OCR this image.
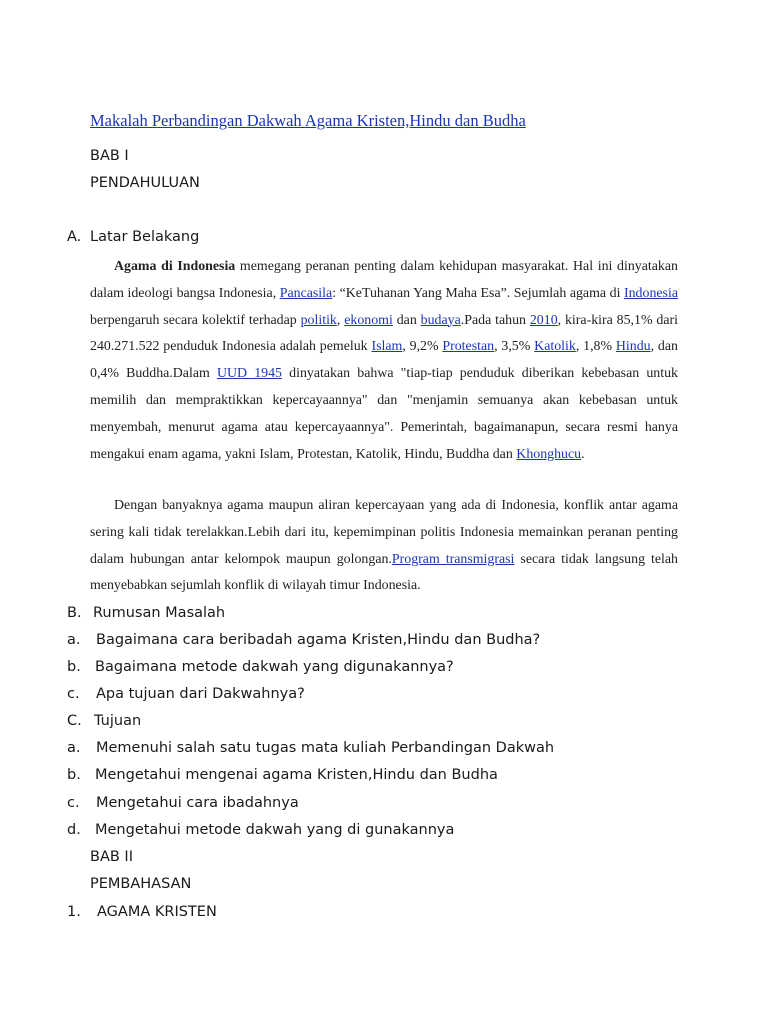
Makalah Perbandingan Dakwah Agama Kristen,Hindu dan Budha
BAB I
PENDAHULUAN
A. Latar Belakang
Agama di Indonesia memegang peranan penting dalam kehidupan masyarakat. Hal ini dinyatakan dalam ideologi bangsa Indonesia, Pancasila: “KeTuhanan Yang Maha Esa”. Sejumlah agama di Indonesia berpengaruh secara kolektif terhadap politik, ekonomi dan budaya.Pada tahun 2010, kira-kira 85,1% dari 240.271.522 penduduk Indonesia adalah pemeluk Islam, 9,2% Protestan, 3,5% Katolik, 1,8% Hindu, dan 0,4% Buddha.Dalam UUD 1945 dinyatakan bahwa "tiap-tiap penduduk diberikan kebebasan untuk memilih dan mempraktikkan kepercayaannya" dan "menjamin semuanya akan kebebasan untuk menyembah, menurut agama atau kepercayaannya". Pemerintah, bagaimanapun, secara resmi hanya mengakui enam agama, yakni Islam, Protestan, Katolik, Hindu, Buddha dan Khonghucu.
Dengan banyaknya agama maupun aliran kepercayaan yang ada di Indonesia, konflik antar agama sering kali tidak terelakkan.Lebih dari itu, kepemimpinan politis Indonesia memainkan peranan penting dalam hubungan antar kelompok maupun golongan.Program transmigrasi secara tidak langsung telah menyebabkan sejumlah konflik di wilayah timur Indonesia.
B. Rumusan Masalah
a. Bagaimana cara beribadah agama Kristen,Hindu dan Budha?
b. Bagaimana metode dakwah yang digunakannya?
c. Apa tujuan dari Dakwahnya?
C. Tujuan
a. Memenuhi salah satu tugas mata kuliah Perbandingan Dakwah
b. Mengetahui mengenai agama Kristen,Hindu dan Budha
c. Mengetahui cara ibadahnya
d. Mengetahui metode dakwah yang di gunakannya
BAB II
PEMBAHASAN
1. AGAMA KRISTEN
